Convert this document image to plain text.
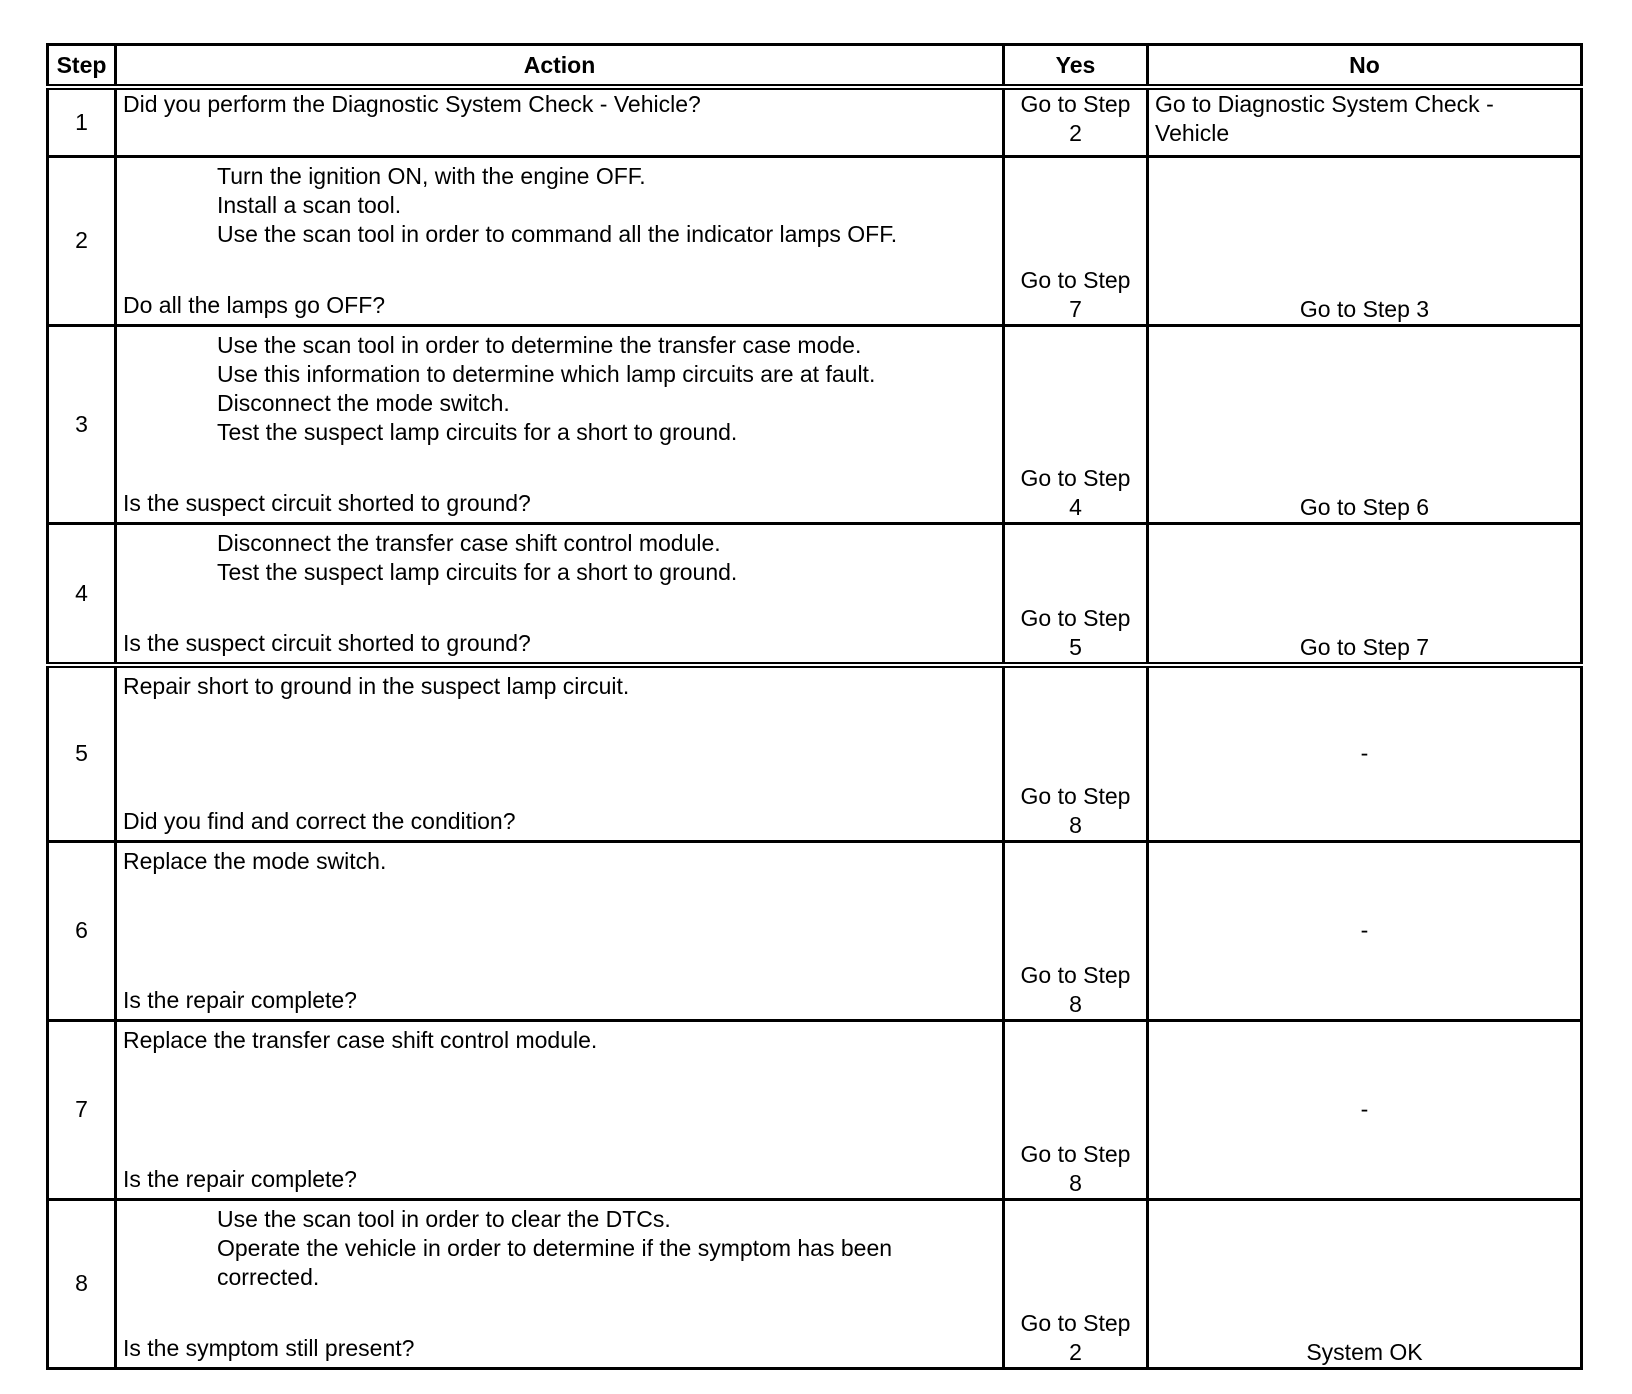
Step	Action	Yes	No
1	Did you perform the Diagnostic System Check - Vehicle?	Go to Step 2	Go to Diagnostic System Check - Vehicle
2	Turn the ignition ON, with the engine OFF.
Install a scan tool.
Use the scan tool in order to command all the indicator lamps OFF.
Do all the lamps go OFF?	Go to Step 7	Go to Step 3
3	Use the scan tool in order to determine the transfer case mode.
Use this information to determine which lamp circuits are at fault.
Disconnect the mode switch.
Test the suspect lamp circuits for a short to ground.
Is the suspect circuit shorted to ground?	Go to Step 4	Go to Step 6
4	Disconnect the transfer case shift control module.
Test the suspect lamp circuits for a short to ground.
Is the suspect circuit shorted to ground?	Go to Step 5	Go to Step 7
5	Repair short to ground in the suspect lamp circuit.
Did you find and correct the condition?	Go to Step 8	-
6	Replace the mode switch.
Is the repair complete?	Go to Step 8	-
7	Replace the transfer case shift control module.
Is the repair complete?	Go to Step 8	-
8	Use the scan tool in order to clear the DTCs.
Operate the vehicle in order to determine if the symptom has been corrected.
Is the symptom still present?	Go to Step 2	System OK
